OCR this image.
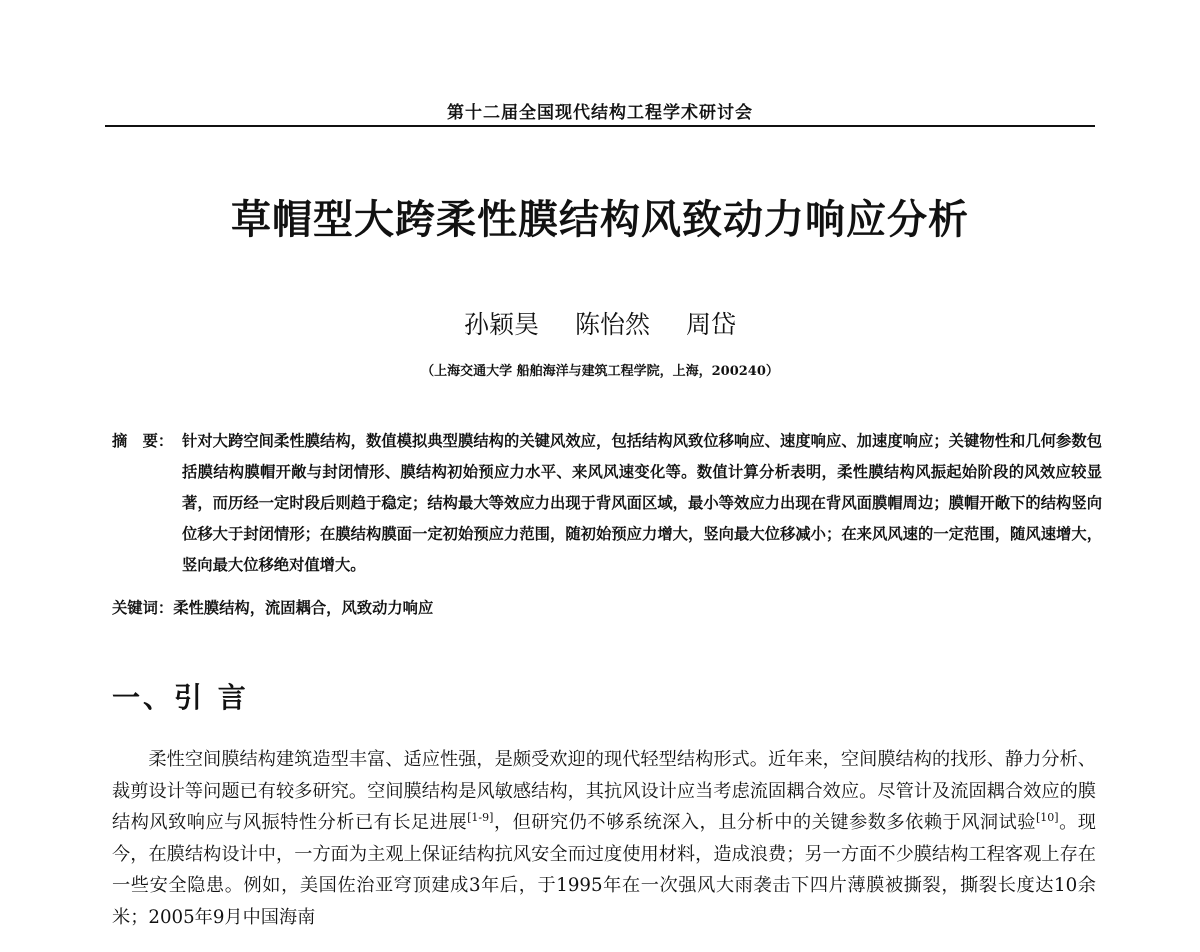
第十二届全国现代结构工程学术研讨会
草帽型大跨柔性膜结构风致动力响应分析
孙颖昊 陈怡然 周岱
（上海交通大学 船舶海洋与建筑工程学院，上海，200240）
摘　要： 针对大跨空间柔性膜结构，数值模拟典型膜结构的关键风效应，包括结构风致位移响应、速度响应、加速度响应；关键物性和几何参数包括膜结构膜帽开敞与封闭情形、膜结构初始预应力水平、来风风速变化等。数值计算分析表明，柔性膜结构风振起始阶段的风效应较显著，而历经一定时段后则趋于稳定；结构最大等效应力出现于背风面区域，最小等效应力出现在背风面膜帽周边；膜帽开敞下的结构竖向位移大于封闭情形；在膜结构膜面一定初始预应力范围，随初始预应力增大，竖向最大位移减小；在来风风速的一定范围，随风速增大，竖向最大位移绝对值增大。
关键词：柔性膜结构，流固耦合，风致动力响应
一、引 言
柔性空间膜结构建筑造型丰富、适应性强，是颇受欢迎的现代轻型结构形式。近年来，空间膜结构的找形、静力分析、裁剪设计等问题已有较多研究。空间膜结构是风敏感结构，其抗风设计应当考虑流固耦合效应。尽管计及流固耦合效应的膜结构风致响应与风振特性分析已有长足进展[1-9]，但研究仍不够系统深入，且分析中的关键参数多依赖于风洞试验[10]。现今，在膜结构设计中，一方面为主观上保证结构抗风安全而过度使用材料，造成浪费；另一方面不少膜结构工程客观上存在一些安全隐患。例如，美国佐治亚穹顶建成3年后，于1995年在一次强风大雨袭击下四片薄膜被撕裂，撕裂长度达10余米；2005年9月中国海南
